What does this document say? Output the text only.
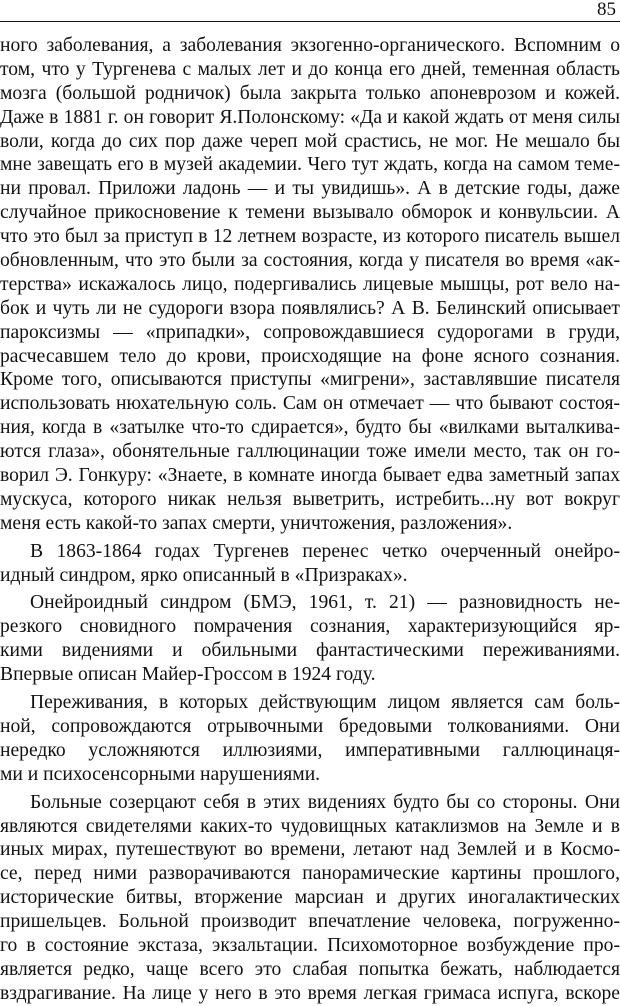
85
ного заболевания, а заболевания экзогенно-органического. Вспомним о
том, что у Тургенева с малых лет и до конца его дней, теменная область
мозга (большой родничок) была закрыта только апоневрозом и кожей.
Даже в 1881 г. он говорит Я.Полонскому: «Да и какой ждать от меня силы
воли, когда до сих пор даже череп мой срастись, не мог. Не мешало бы
мне завещать его в музей академии. Чего тут ждать, когда на самом теме-
ни провал. Приложи ладонь — и ты увидишь». А в детские годы, даже
случайное прикосновение к темени вызывало обморок и конвульсии. А
что это был за приступ в 12 летнем возрасте, из которого писатель вышел
обновленным, что это были за состояния, когда у писателя во время «ак-
терства» искажалось лицо, подергивались лицевые мышцы, рот вело на-
бок и чуть ли не судороги взора появлялись? А В. Белинский описывает
пароксизмы — «припадки», сопровождавшиеся судорогами в груди,
расчесавшем тело до крови, происходящие на фоне ясного сознания.
Кроме того, описываются приступы «мигрени», заставлявшие писателя
использовать нюхательную соль. Сам он отмечает — что бывают состоя-
ния, когда в «затылке что-то сдирается», будто бы «вилками выталкива-
ются глаза», обонятельные галлюцинации тоже имели место, так он го-
ворил Э. Гонкуру: «Знаете, в комнате иногда бывает едва заметный запах
мускуса, которого никак нельзя выветрить, истребить...ну вот вокруг
меня есть какой-то запах смерти, уничтожения, разложения».
В 1863-1864 годах Тургенев перенес четко очерченный онейро-
идный синдром, ярко описанный в «Призраках».
Онейроидный синдром (БМЭ, 1961, т. 21) — разновидность не-
резкого сновидного помрачения сознания, характеризующийся яр-
кими видениями и обильными фантастическими переживаниями.
Впервые описан Майер-Гроссом в 1924 году.
Переживания, в которых действующим лицом является сам боль-
ной, сопровождаются отрывочными бредовыми толкованиями. Они
нередко усложняются иллюзиями, императивными галлюцинаця-
ми и психосенсорными нарушениями.
Больные созерцают себя в этих видениях будто бы со стороны. Они
являются свидетелями каких-то чудовищных катаклизмов на Земле и в
иных мирах, путешествуют во времени, летают над Землей и в Космо-
се, перед ними разворачиваются панорамические картины прошлого,
исторические битвы, вторжение марсиан и других иногалактических
пришельцев. Больной производит впечатление человека, погруженно-
го в состояние экстаза, экзальтации. Психомоторное возбуждение про-
является редко, чаще всего это слабая попытка бежать, наблюдается
вздрагивание. На лице у него в это время легкая гримаса испуга, вскоре
